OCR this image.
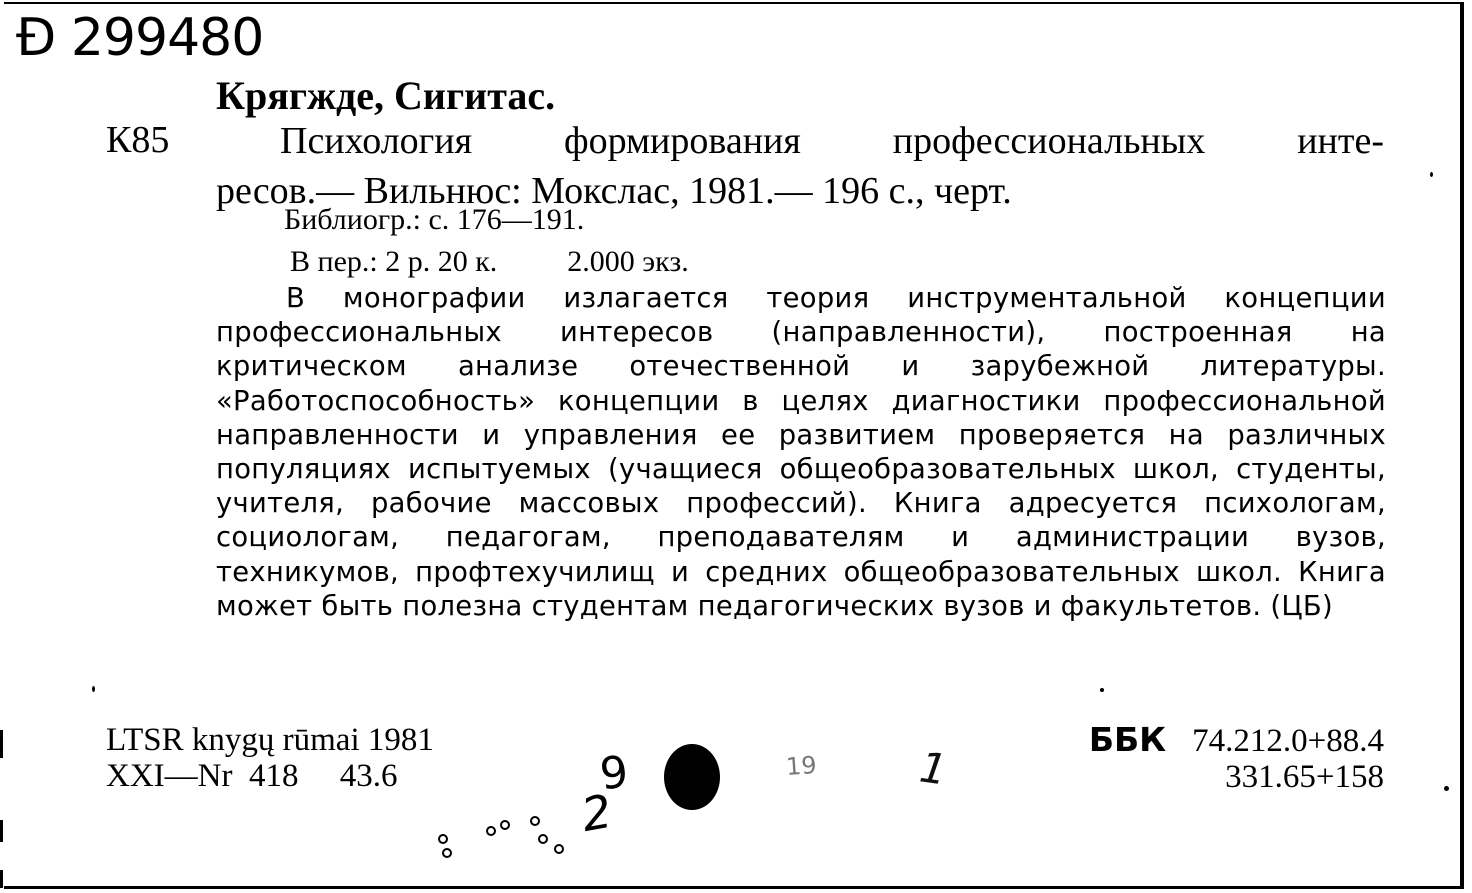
Ɖ 299480
Крягжде, Сигитас.
К85	Психология формирования профессиональных инте-
ресов.— Вильнюс: Мокслас, 1981.— 196 с., черт.
Библиогр.: с. 176—191.
В пер.: 2 р. 20 к. 2.000 экз.
В монографии излагается теория инструментальной концепции профессиональных интересов (направленности), построенная на критическом анализе отечественной и зарубежной литературы. «Работоспособность» концепции в целях диагностики профессиональной направленности и управления ее развитием проверяется на различных популяциях испытуемых (учащиеся общеобразовательных школ, студенты, учителя, рабочие массовых профессий). Книга адресуется психологам, социологам, педагогам, преподавателям и администрации вузов, техникумов, профтехучилищ и средних общеобразовательных школ. Книга может быть полезна студентам педагогических вузов и факультетов. (ЦБ)
LTSR knygų rūmai 1981
XXI—Nr  418     43.6
ББК 74.212.0+88.4
331.65+158
9
2
1
19
